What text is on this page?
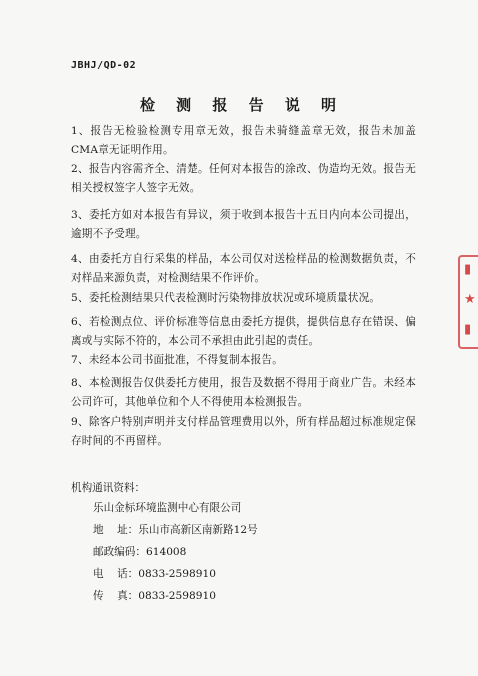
JBHJ/QD-02
检 测 报 告 说 明
1、报告无检验检测专用章无效，报告未骑缝盖章无效，报告未加盖CMA章无证明作用。
2、报告内容需齐全、清楚。任何对本报告的涂改、伪造均无效。报告无相关授权签字人签字无效。
3、委托方如对本报告有异议，须于收到本报告十五日内向本公司提出，逾期不予受理。
4、由委托方自行采集的样品，本公司仅对送检样品的检测数据负责，不对样品来源负责，对检测结果不作评价。
5、委托检测结果只代表检测时污染物排放状况或环境质量状况。
6、若检测点位、评价标准等信息由委托方提供，提供信息存在错误、偏离或与实际不符的，本公司不承担由此引起的责任。
7、未经本公司书面批准，不得复制本报告。
8、本检测报告仅供委托方使用，报告及数据不得用于商业广告。未经本公司许可，其他单位和个人不得使用本检测报告。
9、除客户特别声明并支付样品管理费用以外，所有样品超过标准规定保存时间的不再留样。
机构通讯资料：
乐山金标环境监测中心有限公司
地    址：乐山市高新区南新路12号
邮政编码：614008
电    话：0833-2598910
传    真：0833-2598910
▮
★
▮
